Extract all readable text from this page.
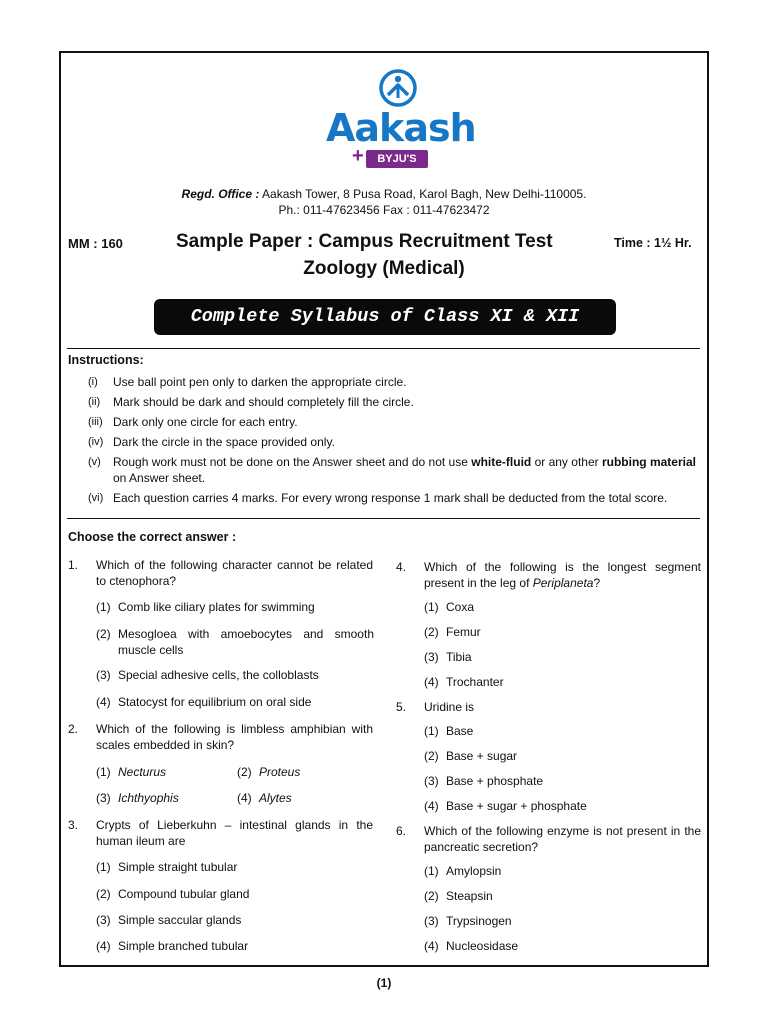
Aakash
+	BYJU'S
Regd. Office : Aakash Tower, 8 Pusa Road, Karol Bagh, New Delhi-110005.
Ph.: 011-47623456 Fax : 011-47623472
MM : 160	Sample Paper : Campus Recruitment Test	Time : 1½ Hr.
Zoology (Medical)
Complete Syllabus of Class XI & XII
Instructions:
(i)	Use ball point pen only to darken the appropriate circle.
(ii)	Mark should be dark and should completely fill the circle.
(iii) Dark only one circle for each entry.
(iv) Dark the circle in the space provided only.
(v)	Rough work must not be done on the Answer sheet and do not use white-fluid or any other rubbing material on Answer sheet.
(vi) Each question carries 4 marks. For every wrong response 1 mark shall be deducted from the total score.
Choose the correct answer :
1. Which of the following character cannot be related to ctenophora?
(1) Comb like ciliary plates for swimming
(2) Mesogloea with amoebocytes and smooth muscle cells
(3) Special adhesive cells, the colloblasts
(4) Statocyst for equilibrium on oral side
2. Which of the following is limbless amphibian with scales embedded in skin?
(1) Necturus	(2) Proteus
(3) Ichthyophis	(4) Alytes
3. Crypts of Lieberkuhn – intestinal glands in the human ileum are
(1) Simple straight tubular
(2) Compound tubular gland
(3) Simple saccular glands
(4) Simple branched tubular
4. Which of the following is the longest segment present in the leg of Periplaneta?
(1) Coxa
(2) Femur
(3) Tibia
(4) Trochanter
5. Uridine is
(1) Base
(2) Base + sugar
(3) Base + phosphate
(4) Base + sugar + phosphate
6. Which of the following enzyme is not present in the pancreatic secretion?
(1) Amylopsin
(2) Steapsin
(3) Trypsinogen
(4) Nucleosidase
(1)
